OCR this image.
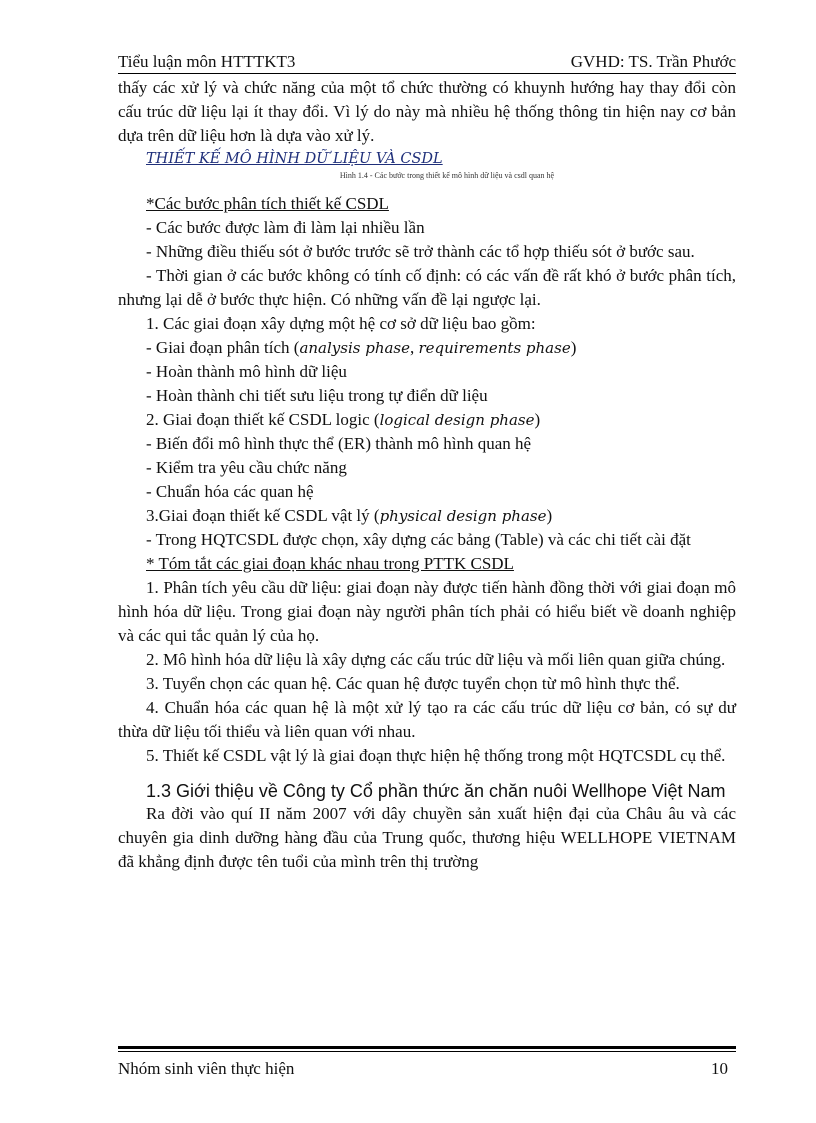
Tiểu luận môn HTTTKT3	GVHD: TS. Trần Phước

thấy các xử lý và chức năng của một tổ chức thường có khuynh hướng hay thay đổi còn cấu trúc dữ liệu lại ít thay đổi. Vì lý do này mà nhiều hệ thống thông tin hiện nay cơ bản dựa trên dữ liệu hơn là dựa vào xử lý.

THIẾT KẾ MÔ HÌNH DỮ LIỆU VÀ CSDL

Hình 1.4 - Các bước trong thiết kế mô hình dữ liệu và csdl quan hệ

*Các bước phân tích thiết kế CSDL

- Các bước được làm đi làm lại nhiều lần

- Những điều thiếu sót ở bước trước sẽ trở thành các tổ hợp thiếu sót ở bước sau.

- Thời gian ở các bước không có tính cố định: có các vấn đề rất khó ở bước phân tích, nhưng lại dễ ở bước thực hiện. Có những vấn đề lại ngược lại.

1. Các giai đoạn xây dựng một hệ cơ sở dữ liệu bao gồm:

- Giai đoạn phân tích (analysis phase, requirements phase)

- Hoàn thành mô hình dữ liệu

- Hoàn thành chi tiết sưu liệu trong tự điển dữ liệu

2. Giai đoạn thiết kế CSDL logic (logical design phase)

- Biến đổi mô hình thực thể (ER) thành mô hình quan hệ

- Kiểm tra yêu cầu chức năng

- Chuẩn hóa các quan hệ

3.Giai đoạn thiết kế CSDL vật lý (physical design phase)

- Trong HQTCSDL được chọn, xây dựng các bảng (Table) và các chi tiết cài đặt

* Tóm tắt các giai đoạn khác nhau trong PTTK CSDL

1. Phân tích yêu cầu dữ liệu: giai đoạn này được tiến hành đồng thời với giai đoạn mô hình hóa dữ liệu. Trong giai đoạn này người phân tích phải có hiểu biết về doanh nghiệp và các qui tắc quản lý của họ.

2. Mô hình hóa dữ liệu là xây dựng các cấu trúc dữ liệu và mối liên quan giữa chúng.

3. Tuyển chọn các quan hệ. Các quan hệ được tuyển chọn từ mô hình thực thể.

4. Chuẩn hóa các quan hệ là một xử lý tạo ra các cấu trúc dữ liệu cơ bản, có sự dư thừa dữ liệu tối thiểu và liên quan với nhau.

5. Thiết kế CSDL vật lý là giai đoạn thực hiện hệ thống trong một HQTCSDL cụ thể.

1.3 Giới thiệu về Công ty Cổ phần thức ăn chăn nuôi Wellhope Việt Nam

Ra đời vào quí II năm 2007 với dây chuyền sản xuất hiện đại của Châu âu và các chuyên gia dinh dưỡng hàng đầu của Trung quốc, thương hiệu WELLHOPE VIETNAM đã khẳng định được tên tuổi của mình trên thị trường

Nhóm sinh viên thực hiện	10
